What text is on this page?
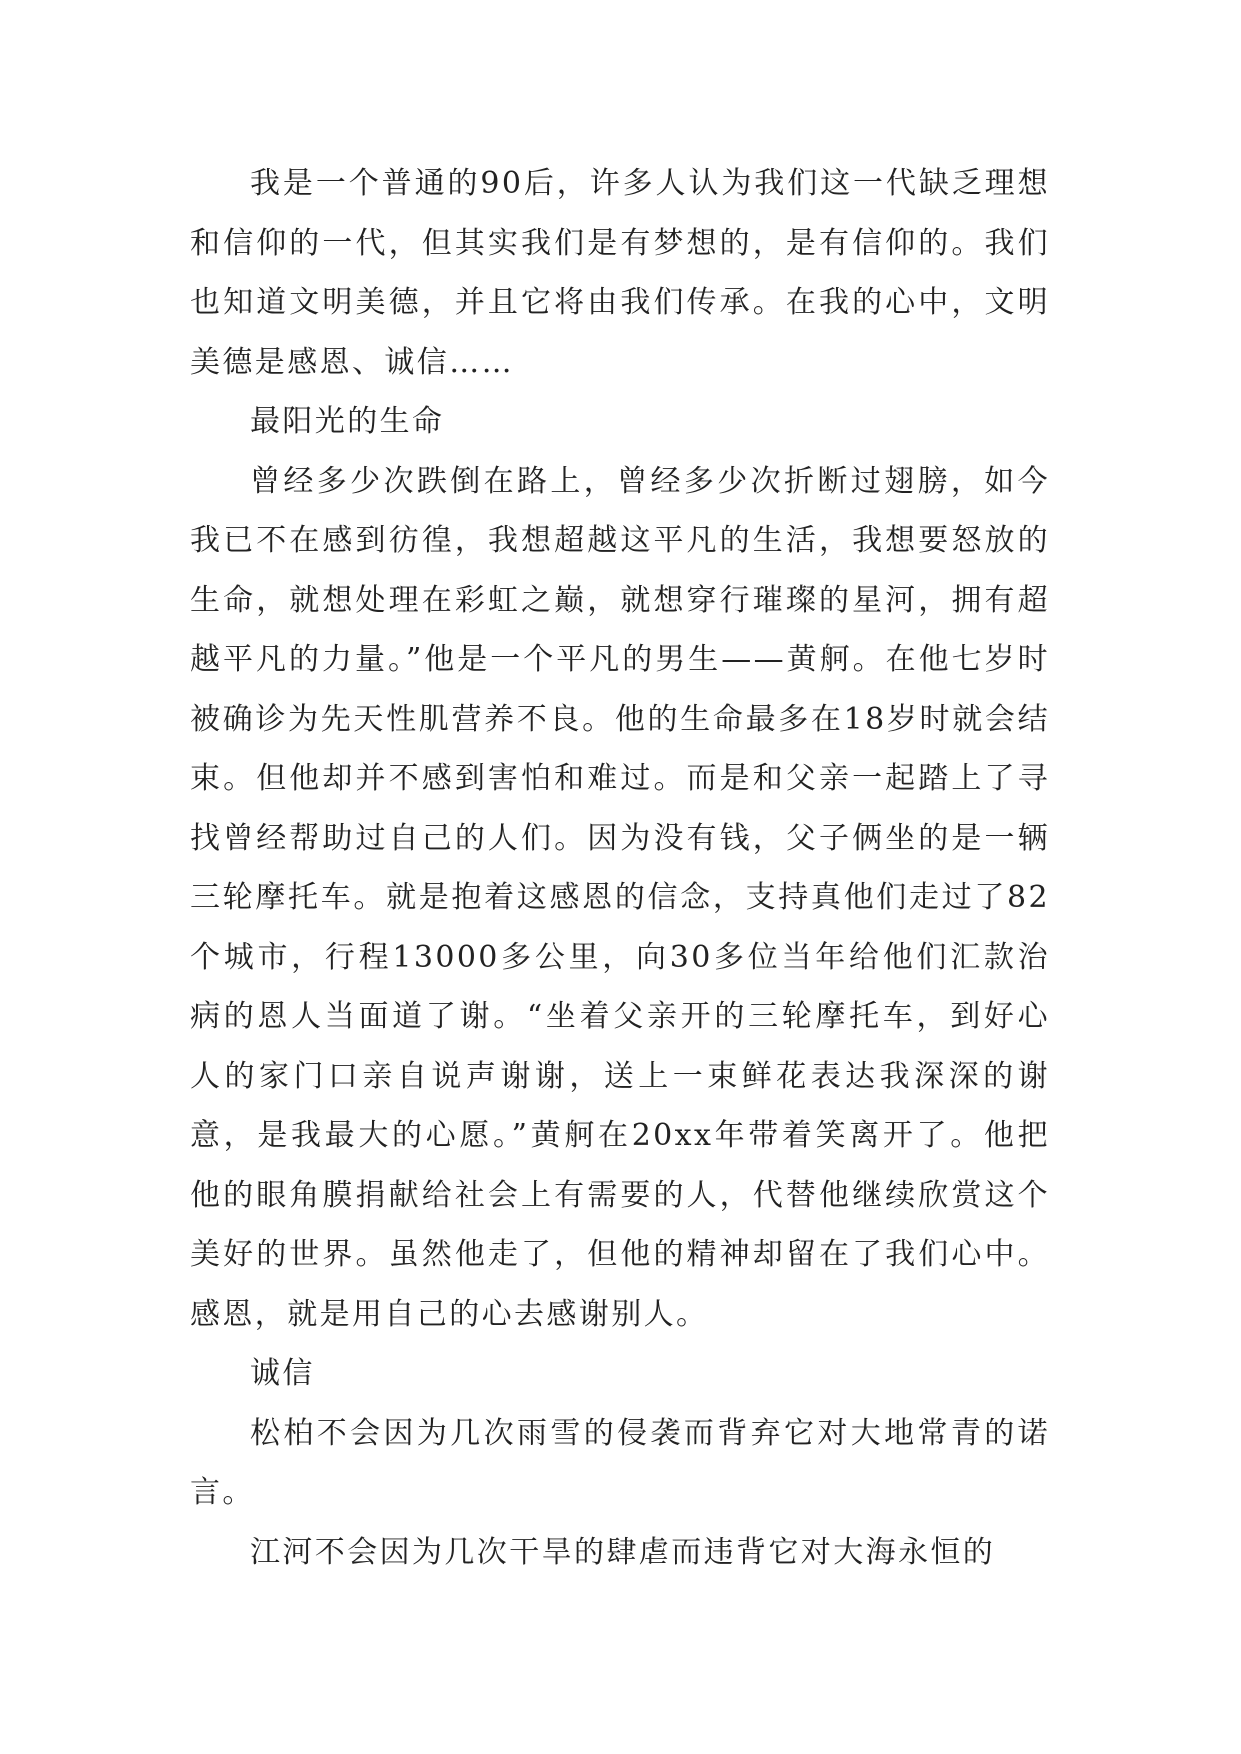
我是一个普通的90后，许多人认为我们这一代缺乏理想和信仰的一代，但其实我们是有梦想的，是有信仰的。我们也知道文明美德，并且它将由我们传承。在我的心中，文明美德是感恩、诚信……

最阳光的生命

曾经多少次跌倒在路上，曾经多少次折断过翅膀，如今我已不在感到彷徨，我想超越这平凡的生活，我想要怒放的生命，就想处理在彩虹之巅，就想穿行璀璨的星河，拥有超越平凡的力量。”他是一个平凡的男生——黄舸。在他七岁时被确诊为先天性肌营养不良。他的生命最多在18岁时就会结束。但他却并不感到害怕和难过。而是和父亲一起踏上了寻找曾经帮助过自己的人们。因为没有钱，父子俩坐的是一辆三轮摩托车。就是抱着这感恩的信念，支持真他们走过了82个城市，行程13000多公里，向30多位当年给他们汇款治病的恩人当面道了谢。“坐着父亲开的三轮摩托车，到好心人的家门口亲自说声谢谢，送上一束鲜花表达我深深的谢意，是我最大的心愿。”黄舸在20xx年带着笑离开了。他把他的眼角膜捐献给社会上有需要的人，代替他继续欣赏这个美好的世界。虽然他走了，但他的精神却留在了我们心中。感恩，就是用自己的心去感谢别人。

诚信

松柏不会因为几次雨雪的侵袭而背弃它对大地常青的诺言。

江河不会因为几次干旱的肆虐而违背它对大海永恒的
